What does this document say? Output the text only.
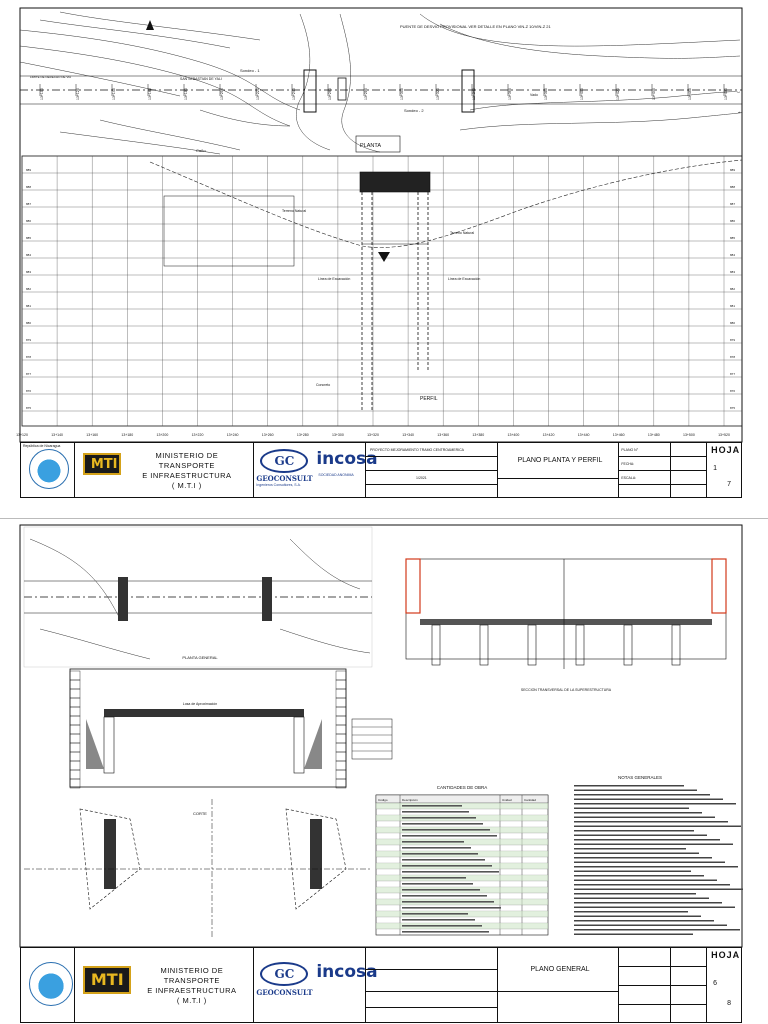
13+100	13+120	13+140	13+160	13+180	13+200	13+220	13+240	13+260	13+280	13+300	13+320	13+340	13+360	13+380	13+400	13+420	13+440	13+460	13+480
PLANTA
PUENTE DE DESVIO PROVISIONAL VER DETALLE EN PLANO VIN-Z 10/VIN-Z 21
SAN SEBASTIAN DE YALI
Sondeo - 1
Sondeo - 2
Caño
Vado
LIMITE DE DERECHO DE VIA
889	889
888	888
887	887
886	886
885	885
884	884
883	883
882	882
881	881
880	880
879	879
878	878
877	877
876	876
875	875
13+120	13+140	13+160	13+180	13+200	13+220	13+240	13+260	13+280	13+300	13+320	13+340	13+360	13+380	13+400	13+420	13+440	13+460	13+480	13+500	13+520
Terreno Natural
Linea de Excavación	Linea de Excavación
Concreto
PERFIL
Terreno Natural
República de Nicaragua
MTI
MINISTERIO DE TRANSPORTE
E INFRAESTRUCTURA
( M.T.I )
GC
GEOCONSULT
Ingenieros Consultores, S.A.
incosa
SOCIEDAD ANONIMA
PROYECTO MEJORAMIENTO TRAMO CENTROAMERICA
1/2021
PLANO PLANTA Y PERFIL
PLANO N°
FECHA:
ESCALA:
HOJA
1
7
PLANTA GENERAL
Losa de Aproximación
CORTE
SECCION TRANSVERSAL DE LA SUPERESTRUCTURA
CANTIDADES DE OBRA
Código	Descripción	Unidad	Cantidad
NOTAS GENERALES
MTI	MINISTERIO DE TRANSPORTE
E INFRAESTRUCTURA
( M.T.I )
GC
GEOCONSULT
incosa	PLANO GENERAL
HOJA
6
8
